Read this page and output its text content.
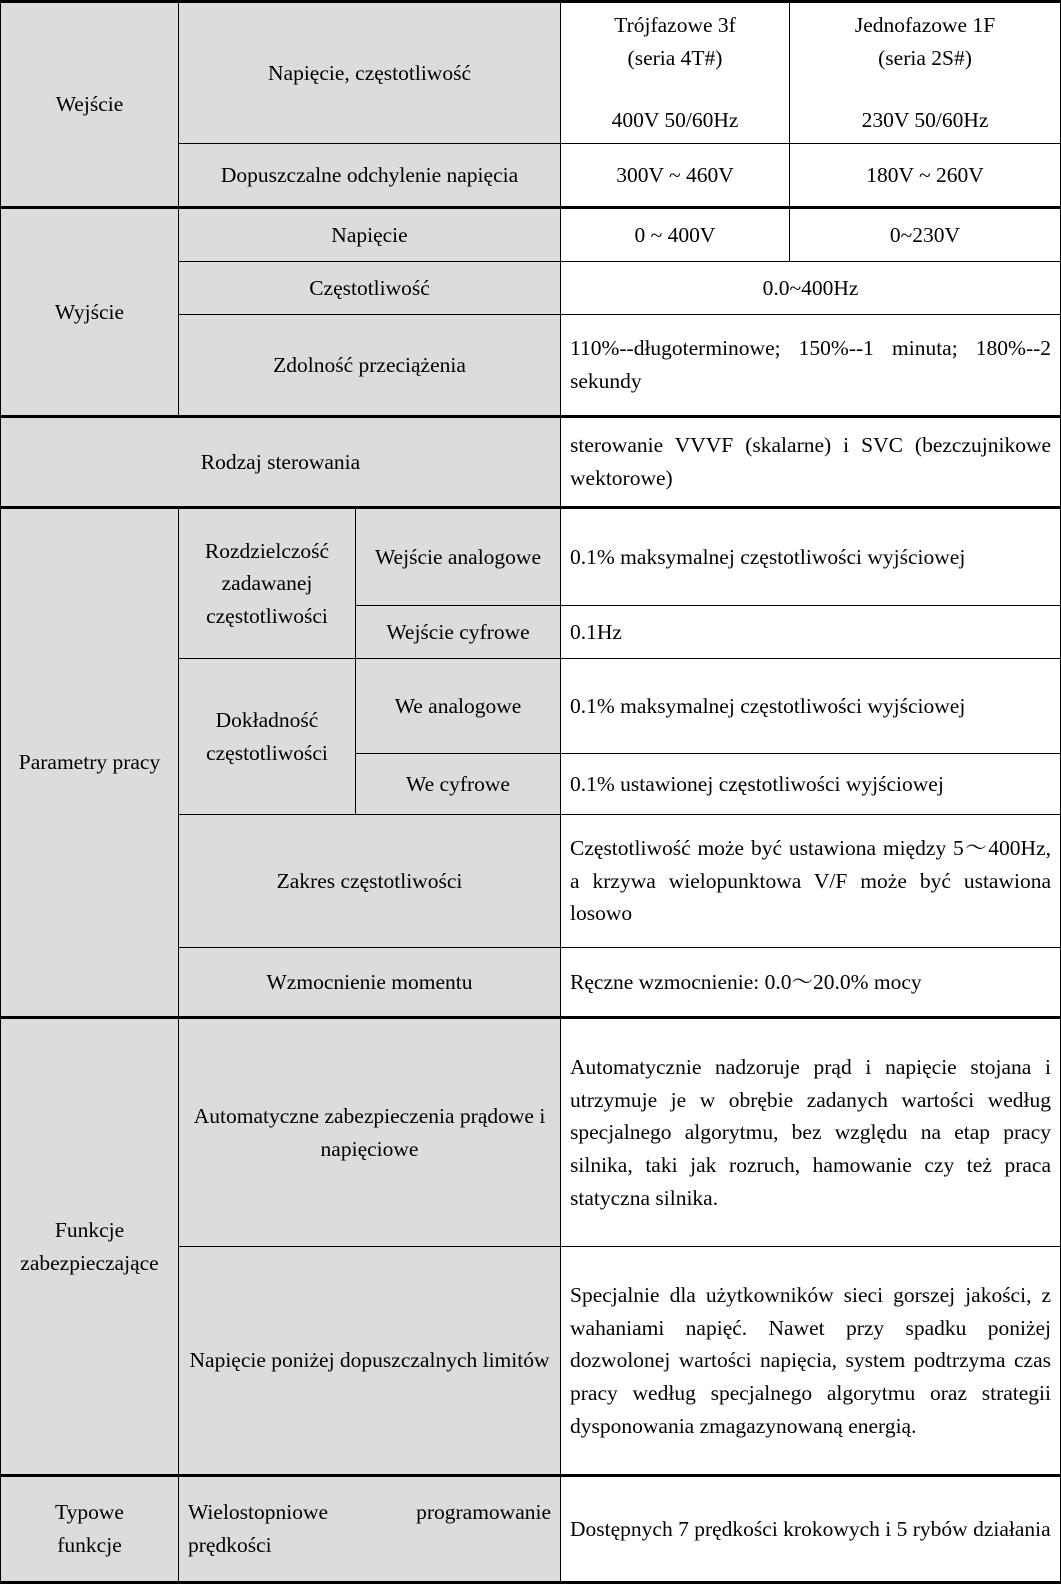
Wejście	Napięcie, częstotliwość		Trójfazowe 3f
(seria 4T#)
400V 50/60Hz	Jednofazowe 1F
(seria 2S#)
230V 50/60Hz

	Dopuszczalne odchylenie napięcia		300V ~ 460V	180V ~ 260V
Wyjście	Napięcie		0 ~ 400V	0~230V
	Częstotliwość		0.0~400Hz	
	Zdolność przeciążenia		110%--długoterminowe; 150%--1 minuta; 180%--2 sekundy	
Rodzaj sterowania			sterowanie VVVF (skalarne) i SVC (bezczujnikowe wektorowe)	

Parametry pracy	Rozdzielczość zadawanej częstotliwości	Wejście analogowe	0.1% maksymalnej częstotliwości wyjściowej	
		Wejście cyfrowe	0.1Hz	
	Dokładność częstotliwości	We analogowe	0.1% maksymalnej częstotliwości wyjściowej	
		We cyfrowe	0.1% ustawionej częstotliwości wyjściowej	
	Zakres częstotliwości		Częstotliwość może być ustawiona między 5～400Hz, a krzywa wielopunktowa V/F może być ustawiona losowo	
	Wzmocnienie momentu		Ręczne wzmocnienie: 0.0～20.0% mocy	

Funkcje
zabezpieczające	Automatyczne zabezpieczenia prądowe i napięciowe		Automatycznie nadzoruje prąd i napięcie stojana i utrzymuje je w obrębie zadanych wartości według specjalnego algorytmu, bez względu na etap pracy silnika, taki jak rozruch, hamowanie czy też praca statyczna silnika.	
	Napięcie poniżej dopuszczalnych limitów		Specjalnie dla użytkowników sieci gorszej jakości, z wahaniami napięć. Nawet przy spadku poniżej dozwolonej wartości napięcia, system podtrzyma czas pracy według specjalnego algorytmu oraz strategii dysponowania zmagazynowaną energią.	

Typowe
funkcje	Wielostopniowe programowanie prędkości		Dostępnych 7 prędkości krokowych i 5 rybów działania	
